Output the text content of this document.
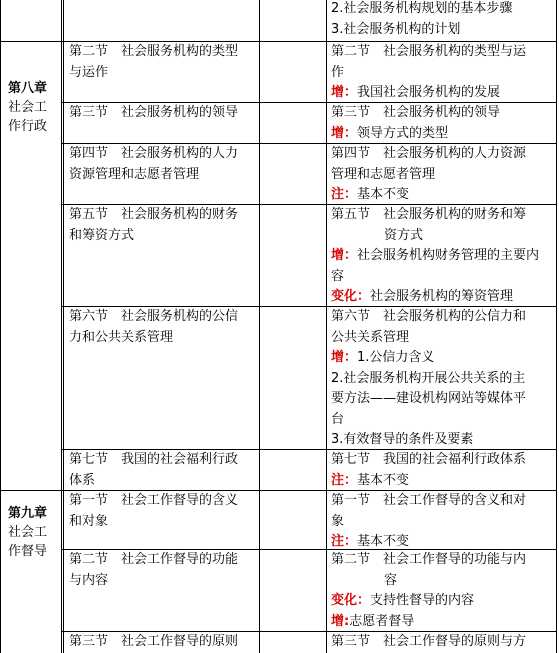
第八章
社会工
作行政
第九章
社会工
作督导
2.社会服务机构规划的基本步骤
3.社会服务机构的计划
第二节　社会服务机构的类型
与运作
第二节　社会服务机构的类型与运
作
增：我国社会服务机构的发展
第三节　社会服务机构的领导	第三节　社会服务机构的领导
增：领导方式的类型
第四节　社会服务机构的人力
资源管理和志愿者管理
第四节　社会服务机构的人力资源
管理和志愿者管理
注：基本不变
第五节　社会服务机构的财务
和筹资方式
第五节　社会服务机构的财务和筹
资方式
增：社会服务机构财务管理的主要内
容
变化：社会服务机构的筹资管理
第六节　社会服务机构的公信
力和公共关系管理
第六节　社会服务机构的公信力和
公共关系管理
增：1.公信力含义
2.社会服务机构开展公共关系的主
要方法——建设机构网站等媒体平
台
3.有效督导的条件及要素
第七节　我国的社会福利行政
体系
第七节　我国的社会福利行政体系
注：基本不变
第一节　社会工作督导的含义
和对象
第一节　社会工作督导的含义和对
象
注：基本不变
第二节　社会工作督导的功能
与内容
第二节　社会工作督导的功能与内
容
变化：支持性督导的内容
增:志愿者督导
第三节　社会工作督导的原则	第三节　社会工作督导的原则与方
